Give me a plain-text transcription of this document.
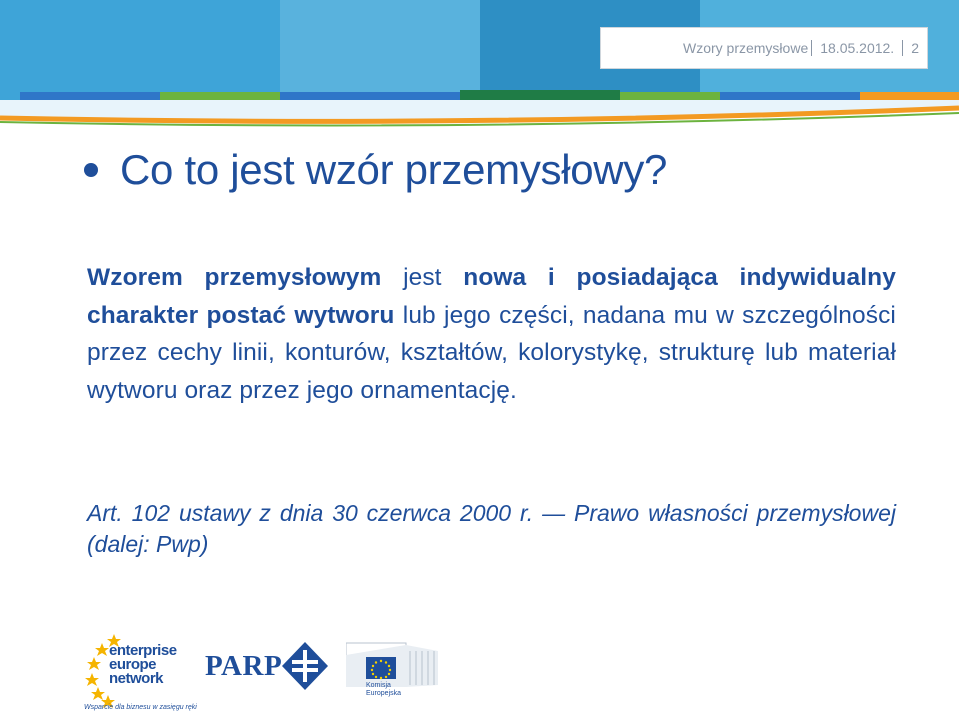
Wzory przemysłowe 18.05.2012. 2
Co to jest wzór przemysłowy?
Wzorem przemysłowym jest nowa i posiadająca indywidualny charakter postać wytworu lub jego części, nadana mu w szczególności przez cechy linii, konturów, kształtów, kolorystykę, strukturę lub materiał wytworu oraz przez jego ornamentację.
Art. 102 ustawy z dnia 30 czerwca 2000 r. — Prawo własności przemysłowej (dalej: Pwp)
enterprise
europe
network
Wsparcie dla biznesu w zasięgu ręki
PARP
Komisja
Europejska
